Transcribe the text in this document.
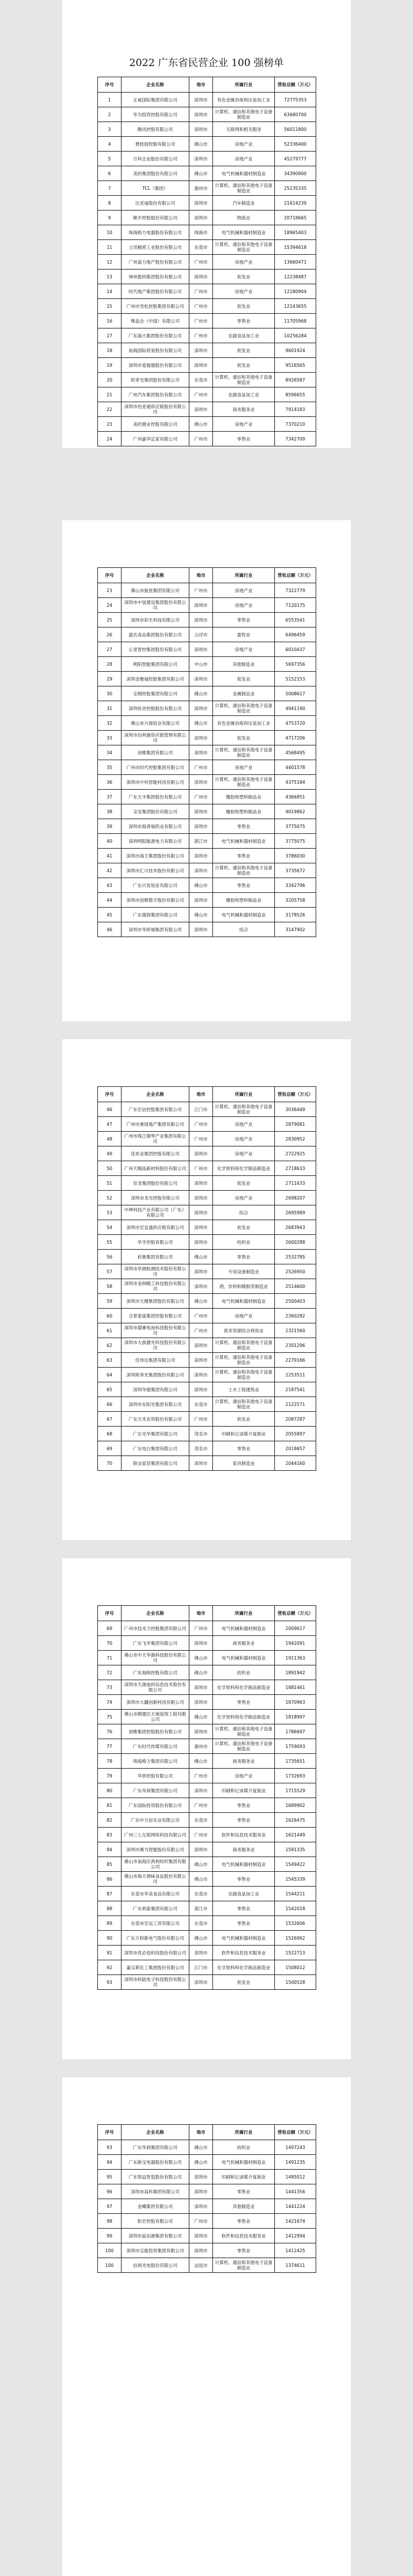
2022 广东省民营企业 100 强榜单
序号	企业名称	地市	所属行业	营收总额（万元）
1	正威国际集团有限公司	深圳市	有色金属冶炼和压延加工业	72775353
2	华为投资控股有限公司	深圳市	计算机、通信和其他电子设备制造业	63680700
3	腾讯控股有限公司	深圳市	互联网和相关服务	56011800
4	碧桂园控股有限公司	佛山市	房地产业	52336400
5	万科企业股份有限公司	深圳市	房地产业	45279777
6	美的集团股份有限公司	佛山市	电气机械和器材制造业	34390900
7	TCL（集团）	惠州市	计算机、通信和其他电子设备制造业	25235335
8	比亚迪股份有限公司	深圳市	汽车制造业	21614239
9	顺丰控股股份有限公司	深圳市	物流业	20718665
10	珠海格力电器股份有限公司	珠海市	电气机械和器材制造业	18965403
11	立讯精密工业股份有限公司	东莞市	计算机、通信和其他电子设备制造业	15394618
12	广州富力地产股份有限公司	广州市	房地产业	13660471
13	神州数码集团股份有限公司	深圳市	批发业	12238487
14	时代地产集团股份有限公司	广州市	房地产业	12180904
15	广州市雪松控股集团有限公司	广州市	批发业	12143655
16	唯品会（中国）有限公司	广州市	零售业	11705968
17	广东海大集团股份有限公司	广州市	农副食品加工业	10256284
18	前海国际贸易股份有限公司	深圳市	批发业	9601924
19	深圳市爱施德股份有限公司	深圳市	批发业	9516565
20	欧菲光集团股份有限公司	东莞市	计算机、通信和其他电子设备制造业	8926587
21	广州汽车集团股份有限公司	广州市	农副食品加工业	8596655
22	深圳市怡亚通供应链股份有限公司	深圳市	商务服务业	7914183
23	美的置业控股有限公司	佛山市	房地产业	7370210
24	广州嘉华宜家有限公司	广州市	零售业	7342709
序号	企业名称	地市	所属行业	营收总额（万元）
23	佛山市毅星集团有限公司	广州市	房地产业	7322779
24	深圳市中装建设集团股份有限公司	深圳市	房地产业	7120175
25	深圳市彩生科技有限公司	深圳市	零售业	6553541
26	温氏食品集团股份有限公司	云浮市	畜牧业	6496459
27	心里智控集团股份有限公司	深圳市	房地产业	6010437
28	明阳智能集团有限公司	中山市	其他制造业	5697356
29	深圳金雅福控股集团有限公司	深圳市	批发业	5152153
30	宝钢控股集团有限公司	佛山市	金属制品业	5008617
31	深圳传音控股股份有限公司	深圳市	计算机、通信和其他电子设备制造业	4941190
32	佛山市兴海铝业有限公司	佛山市	有色金属冶炼和压延加工业	4753720
33	深圳市信利康供应链管理有限公司	深圳市	批发业	4717206
34	创维集团有限公司	深圳市	计算机、通信和其他电子设备制造业	4568495
35	广州市时代控股集团有限公司	广州市	房地产业	4401578
36	深圳市中科智能科技有限公司	深圳市	计算机、通信和其他电子设备制造业	4375184
37	广东天丰集团股份有限公司	广州市	橡胶和塑料制品业	4366851
38	宝安集团股份有限公司	深圳市	橡胶和塑料制品业	4019862
39	深圳市海普瑞药业有限公司	深圳市	零售业	3775075
40	深圳明阳能源电力有限公司	湛江市	电气机械和器材制造业	3775075
41	深圳市海王集团股份有限公司	深圳市	零售业	3786030
42	深圳市汇川技术股份有限公司	深圳市	计算机、通信和其他电子设备制造业	3735672
43	广东兴发铝业有限公司	佛山市	零售业	3342796
44	深圳市创维数字股份有限公司	深圳市	橡胶和塑料制品业	3205758
45	广东德润集团有限公司	佛山市	电气机械和器材制造业	3178526
46	深圳市华侨城集团有限公司	深圳市	综合	3147902
序号	企业名称	地市	所属行业	营收总额（万元）
46	广东宏信控股集团有限公司	江门市	计算机、通信和其他电子设备制造业	3036449
47	广州市奥园地产集团有限公司	广州市	房地产业	2879061
48	广州市珠江钢琴产业集团有限公司	广州市	房地产业	2830952
49	佳兆业集团控股有限公司	深圳市	房地产业	2722925
50	广州天赐高新材料股份有限公司	广州市	化学原料和化学制品制造业	2718633
51	佳龙集团股份有限公司	深圳市	批发业	2711633
52	深圳市龙光控股有限公司	深圳市	房地产业	2698207
53	中坤科技产业有限公司（广东）有限公司	深圳市	综合	2695989
54	深圳市宏宜盛供应链有限公司	深圳市	批发业	2683943
55	华孚控股有限公司	深圳市	纺织业	2600288
56	科鲁集团有限公司	佛山市	零售业	2532785
57	深圳市华测检测技术股份有限公司	深圳市	专用设备制造业	2526950
58	深圳市金洲精工科技股份有限公司	深圳市	酒、饮料和精制茶制造业	2514600
59	深圳市天健集团股份有限公司	佛山市	电气机械和器材制造业	2500403
60	合景泰富集团控股有限公司	广州市	房地产业	2360282
61	深圳市德赛电池科技股份有限公司	广州市	废弃资源综合利用业	2321560
62	深圳市大族激光科技股份有限公司	深圳市	计算机、通信和其他电子设备制造业	2301296
63	佳伟达集团有限公司	深圳市	计算机、通信和其他电子设备制造业	2279166
64	深圳欧菲光集团股份有限公司	深圳市	计算机、通信和其他电子设备制造业	2253511
65	深圳华强集团有限公司	深圳市	土木工程建筑业	2187541
66	深圳市东阳光集团有限公司	东莞市	计算机、通信和其他电子设备制造业	2122571
67	广东天禾农资股份有限公司	广州市	批发业	2087287
68	广东光华集团有限公司	茂名市	印刷和记录媒介复制业	2055897
69	广东电白集团有限公司	茂名市	零售业	2018657
70	联众家居集团有限公司	深圳市	家具制造业	2044160
序号	企业名称	地市	所属行业	营收总额（万元）
69	广州市技术力控股集团有限公司	广州市	电气机械和器材制造业	2009617
70	广东飞华集团有限公司	深圳市	商务服务业	1942091
71	佛山市中天华旗科技股份有限公司	佛山市	电气机械和器材制造业	1911363
72	广东海纳控股有限公司	佛山市	纺织业	1891942
73	深圳市天源迪科信息技术股份有限公司	深圳市	化学原料和化学制品制造业	1881461
74	深圳市大疆创新科技有限公司	深圳市	零售业	1870963
75	佛山市顺德区天地装饰工程有限公司	佛山市	化学原料和化学制品制造业	1818997
76	创维集团控股股份有限公司	深圳市	计算机、通信和其他电子设备制造业	1786697
77	广东时代传媒有限公司	惠州市	计算机、通信和其他电子设备制造业	1759093
78	珠海格力集团有限公司	佛山市	商务服务业	1735651
79	华侨控股有限公司	广州市	房地产业	1732693
80	广东华润集团有限公司	深圳市	印刷和记录媒介复制业	1715529
81	广东国际投资股份有限公司	广州市	零售业	1689902
82	广东中力信实业有限公司	东莞市	零售业	1626475
83	广州三七互娱网络科技有限公司	广州市	软件和信息技术服务业	1621449
84	深圳市赛为智能股份有限公司	深圳市	商务服务业	1591335
85	佛山市南海区鸿利纺织集团有限公司	佛山市	电气机械和器材制造业	1549422
86	佛山市海天调味食品股份有限公司	佛山市	零售业	1545339
87	东莞市华美食品有限公司	东莞市	农副食品加工业	1544211
88	广东利泰集团有限公司	湛江市	零售业	1542018
89	东莞市宏远工贸有限公司	东莞市	零售业	1532606
90	广东万和新电气股份有限公司	佛山市	电气机械和器材制造业	1526062
91	深圳市优必选科技股份有限公司	深圳市	软件和信息技术服务业	1522713
92	嘉宝莉化工集团股份有限公司	江门市	化学原料和化学制品制造业	1508012
93	深圳市科陆电子科技股份有限公司	深圳市	批发业	1500528
序号	企业名称	地市	所属行业	营收总额（万元）
93	广东华润集团有限公司	佛山市	纺织业	1497243
94	广东新宝电器股份有限公司	佛山市	电气机械和器材制造业	1491235
95	广东领益智造股份有限公司	深圳市	印刷和记录媒介复制业	1485012
96	深圳市高科集团有限公司	深圳市	零售业	1441356
97	金蝶集团有限公司	深圳市	其他制造业	1441224
98	钜宏控股有限公司	广州市	零售业	1421674
99	深圳市盐田港集团有限公司	深圳市	软件和信息技术服务业	1412994
100	深圳市宝能投资集团有限公司	深圳市	零售业	1412425
100	信利光电股份有限公司	汕尾市	计算机、通信和其他电子设备制造业	1374611
